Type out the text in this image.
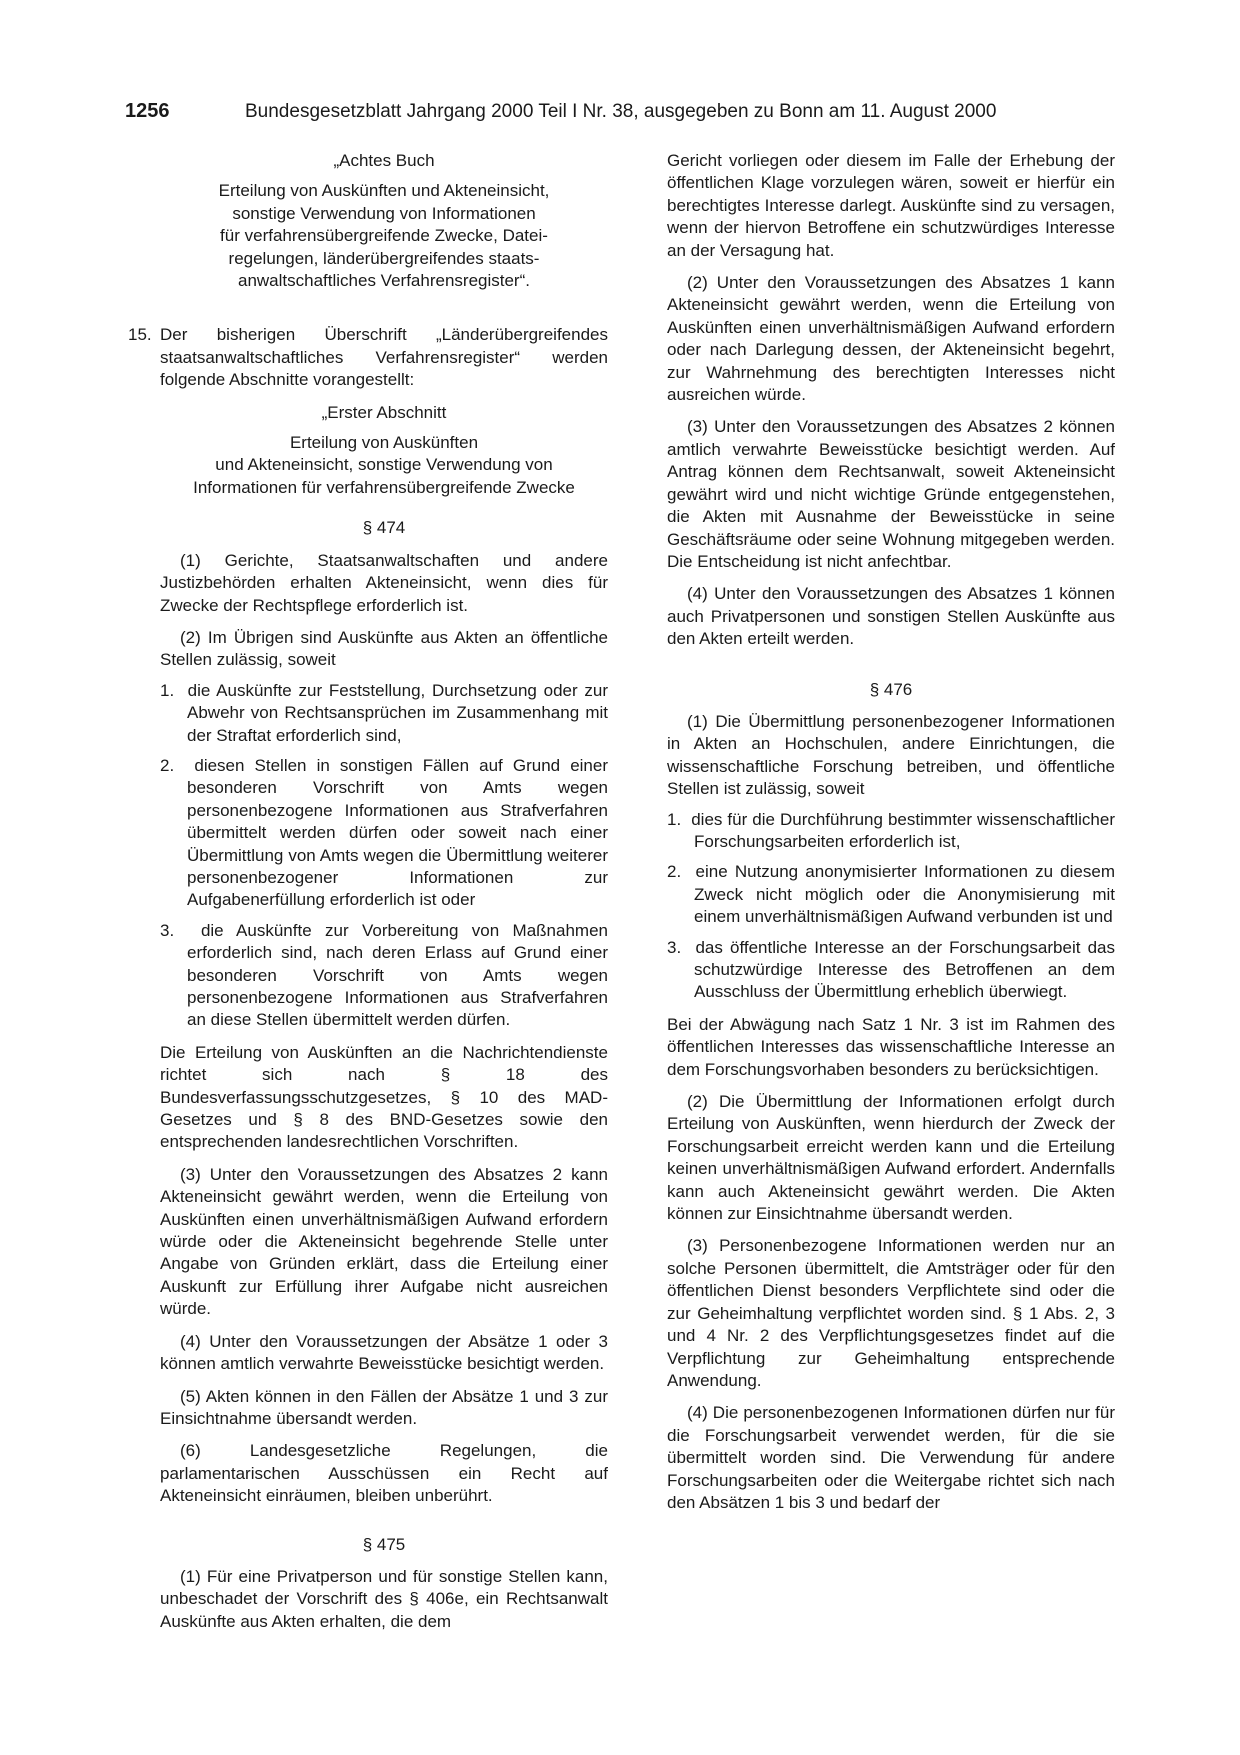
1256	Bundesgesetzblatt Jahrgang 2000 Teil I Nr. 38, ausgegeben zu Bonn am 11. August 2000

„Achtes Buch

Erteilung von Auskünften und Akteneinsicht,

sonstige Verwendung von Informationen

für verfahrensübergreifende Zwecke, Datei-

regelungen, länderübergreifendes staats-

anwaltschaftliches Verfahrensregister“.

15. Der bisherigen Überschrift „Länderübergreifendes staatsanwaltschaftliches Verfahrensregister“ werden folgende Abschnitte vorangestellt:

„Erster Abschnitt

Erteilung von Auskünften

und Akteneinsicht, sonstige Verwendung von

Informationen für verfahrensübergreifende Zwecke

§ 474

(1) Gerichte, Staatsanwaltschaften und andere Justizbehörden erhalten Akteneinsicht, wenn dies für Zwecke der Rechtspflege erforderlich ist.

(2) Im Übrigen sind Auskünfte aus Akten an öffentliche Stellen zulässig, soweit

1. die Auskünfte zur Feststellung, Durchsetzung oder zur Abwehr von Rechtsansprüchen im Zusammenhang mit der Straftat erforderlich sind,

2. diesen Stellen in sonstigen Fällen auf Grund einer besonderen Vorschrift von Amts wegen personenbezogene Informationen aus Strafverfahren übermittelt werden dürfen oder soweit nach einer Übermittlung von Amts wegen die Übermittlung weiterer personenbezogener Informationen zur Aufgabenerfüllung erforderlich ist oder

3. die Auskünfte zur Vorbereitung von Maßnahmen erforderlich sind, nach deren Erlass auf Grund einer besonderen Vorschrift von Amts wegen personenbezogene Informationen aus Strafverfahren an diese Stellen übermittelt werden dürfen.

Die Erteilung von Auskünften an die Nachrichtendienste richtet sich nach § 18 des Bundesverfassungsschutzgesetzes, § 10 des MAD-Gesetzes und § 8 des BND-Gesetzes sowie den entsprechenden landesrechtlichen Vorschriften.

(3) Unter den Voraussetzungen des Absatzes 2 kann Akteneinsicht gewährt werden, wenn die Erteilung von Auskünften einen unverhältnismäßigen Aufwand erfordern würde oder die Akteneinsicht begehrende Stelle unter Angabe von Gründen erklärt, dass die Erteilung einer Auskunft zur Erfüllung ihrer Aufgabe nicht ausreichen würde.

(4) Unter den Voraussetzungen der Absätze 1 oder 3 können amtlich verwahrte Beweisstücke besichtigt werden.

(5) Akten können in den Fällen der Absätze 1 und 3 zur Einsichtnahme übersandt werden.

(6) Landesgesetzliche Regelungen, die parlamentarischen Ausschüssen ein Recht auf Akteneinsicht einräumen, bleiben unberührt.

§ 475

(1) Für eine Privatperson und für sonstige Stellen kann, unbeschadet der Vorschrift des § 406e, ein Rechtsanwalt Auskünfte aus Akten erhalten, die dem

Gericht vorliegen oder diesem im Falle der Erhebung der öffentlichen Klage vorzulegen wären, soweit er hierfür ein berechtigtes Interesse darlegt. Auskünfte sind zu versagen, wenn der hiervon Betroffene ein schutzwürdiges Interesse an der Versagung hat.

(2) Unter den Voraussetzungen des Absatzes 1 kann Akteneinsicht gewährt werden, wenn die Erteilung von Auskünften einen unverhältnismäßigen Aufwand erfordern oder nach Darlegung dessen, der Akteneinsicht begehrt, zur Wahrnehmung des berechtigten Interesses nicht ausreichen würde.

(3) Unter den Voraussetzungen des Absatzes 2 können amtlich verwahrte Beweisstücke besichtigt werden. Auf Antrag können dem Rechtsanwalt, soweit Akteneinsicht gewährt wird und nicht wichtige Gründe entgegenstehen, die Akten mit Ausnahme der Beweisstücke in seine Geschäftsräume oder seine Wohnung mitgegeben werden. Die Entscheidung ist nicht anfechtbar.

(4) Unter den Voraussetzungen des Absatzes 1 können auch Privatpersonen und sonstigen Stellen Auskünfte aus den Akten erteilt werden.

§ 476

(1) Die Übermittlung personenbezogener Informationen in Akten an Hochschulen, andere Einrichtungen, die wissenschaftliche Forschung betreiben, und öffentliche Stellen ist zulässig, soweit

1. dies für die Durchführung bestimmter wissenschaftlicher Forschungsarbeiten erforderlich ist,

2. eine Nutzung anonymisierter Informationen zu diesem Zweck nicht möglich oder die Anonymisierung mit einem unverhältnismäßigen Aufwand verbunden ist und

3. das öffentliche Interesse an der Forschungsarbeit das schutzwürdige Interesse des Betroffenen an dem Ausschluss der Übermittlung erheblich überwiegt.

Bei der Abwägung nach Satz 1 Nr. 3 ist im Rahmen des öffentlichen Interesses das wissenschaftliche Interesse an dem Forschungsvorhaben besonders zu berücksichtigen.

(2) Die Übermittlung der Informationen erfolgt durch Erteilung von Auskünften, wenn hierdurch der Zweck der Forschungsarbeit erreicht werden kann und die Erteilung keinen unverhältnismäßigen Aufwand erfordert. Andernfalls kann auch Akteneinsicht gewährt werden. Die Akten können zur Einsichtnahme übersandt werden.

(3) Personenbezogene Informationen werden nur an solche Personen übermittelt, die Amtsträger oder für den öffentlichen Dienst besonders Verpflichtete sind oder die zur Geheimhaltung verpflichtet worden sind. § 1 Abs. 2, 3 und 4 Nr. 2 des Verpflichtungsgesetzes findet auf die Verpflichtung zur Geheimhaltung entsprechende Anwendung.

(4) Die personenbezogenen Informationen dürfen nur für die Forschungsarbeit verwendet werden, für die sie übermittelt worden sind. Die Verwendung für andere Forschungsarbeiten oder die Weitergabe richtet sich nach den Absätzen 1 bis 3 und bedarf der
